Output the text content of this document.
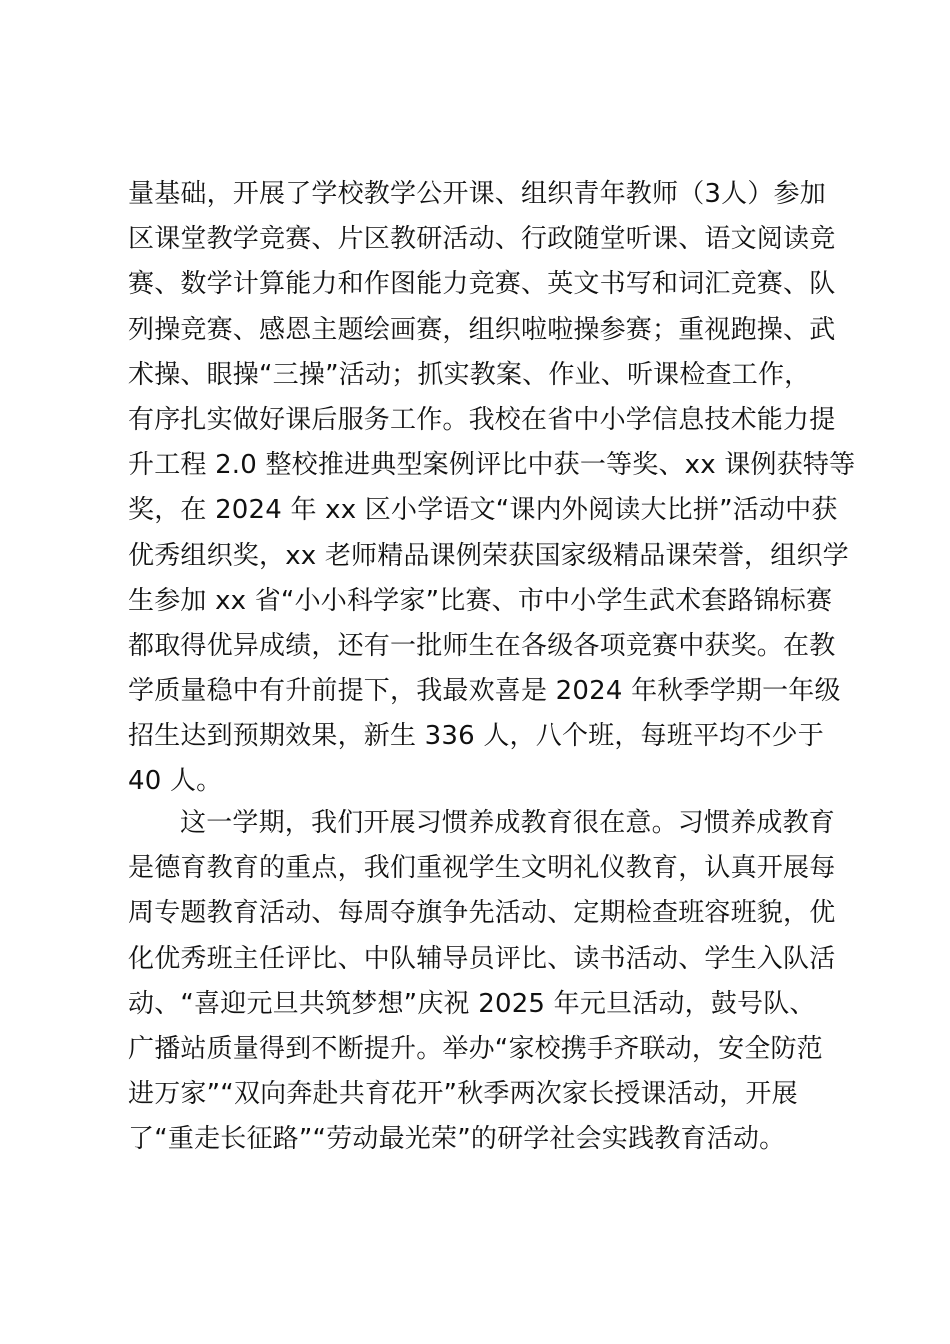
量基础，开展了学校教学公开课、组织青年教师（3人）参加
区课堂教学竞赛、片区教研活动、行政随堂听课、语文阅读竞
赛、数学计算能力和作图能力竞赛、英文书写和词汇竞赛、队
列操竞赛、感恩主题绘画赛，组织啦啦操参赛；重视跑操、武
术操、眼操“三操”活动；抓实教案、作业、听课检查工作，
有序扎实做好课后服务工作。我校在省中小学信息技术能力提
升工程 2.0 整校推进典型案例评比中获一等奖、xx 课例获特等
奖，在 2024 年 xx 区小学语文“课内外阅读大比拼”活动中获
优秀组织奖，xx 老师精品课例荣获国家级精品课荣誉，组织学
生参加 xx 省“小小科学家”比赛、市中小学生武术套路锦标赛
都取得优异成绩，还有一批师生在各级各项竞赛中获奖。在教
学质量稳中有升前提下，我最欢喜是 2024 年秋季学期一年级
招生达到预期效果，新生 336 人，八个班，每班平均不少于
40 人。
这一学期，我们开展习惯养成教育很在意。习惯养成教育
是德育教育的重点，我们重视学生文明礼仪教育，认真开展每
周专题教育活动、每周夺旗争先活动、定期检查班容班貌，优
化优秀班主任评比、中队辅导员评比、读书活动、学生入队活
动、“喜迎元旦共筑梦想”庆祝 2025 年元旦活动，鼓号队、
广播站质量得到不断提升。举办“家校携手齐联动，安全防范
进万家”“双向奔赴共育花开”秋季两次家长授课活动，开展
了“重走长征路”“劳动最光荣”的研学社会实践教育活动。
